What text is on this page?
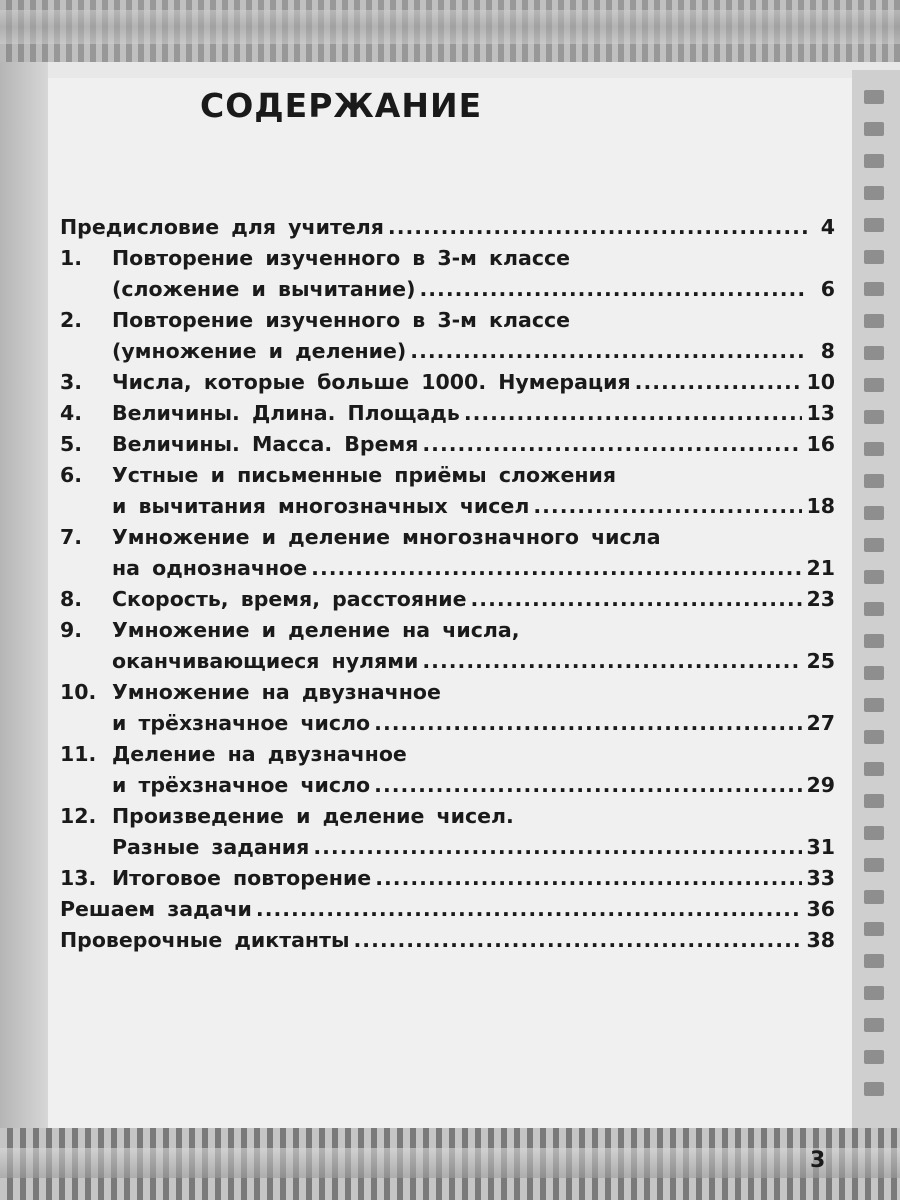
СОДЕРЖАНИЕ
Предисловие для учителя .....	4
1. Повторение изученного в 3-м классе
(сложение и вычитание) .....	6
2. Повторение изученного в 3-м классе
(умножение и деление) .....	8
3. Числа, которые больше 1000. Нумерация .....	10
4. Величины. Длина. Площадь .....	13
5. Величины. Масса. Время .....	16
6. Устные и письменные приёмы сложения
и вычитания многозначных чисел .....	18
7. Умножение и деление многозначного числа
на однозначное .....	21
8. Скорость, время, расстояние .....	23
9. Умножение и деление на числа,
оканчивающиеся нулями .....	25
10. Умножение на двузначное
и трёхзначное число .....	27
11. Деление на двузначное
и трёхзначное число .....	29
12. Произведение и деление чисел.
Разные задания .....	31
13. Итоговое повторение .....	33
Решаем задачи .....	36
Проверочные диктанты .....	38
3
